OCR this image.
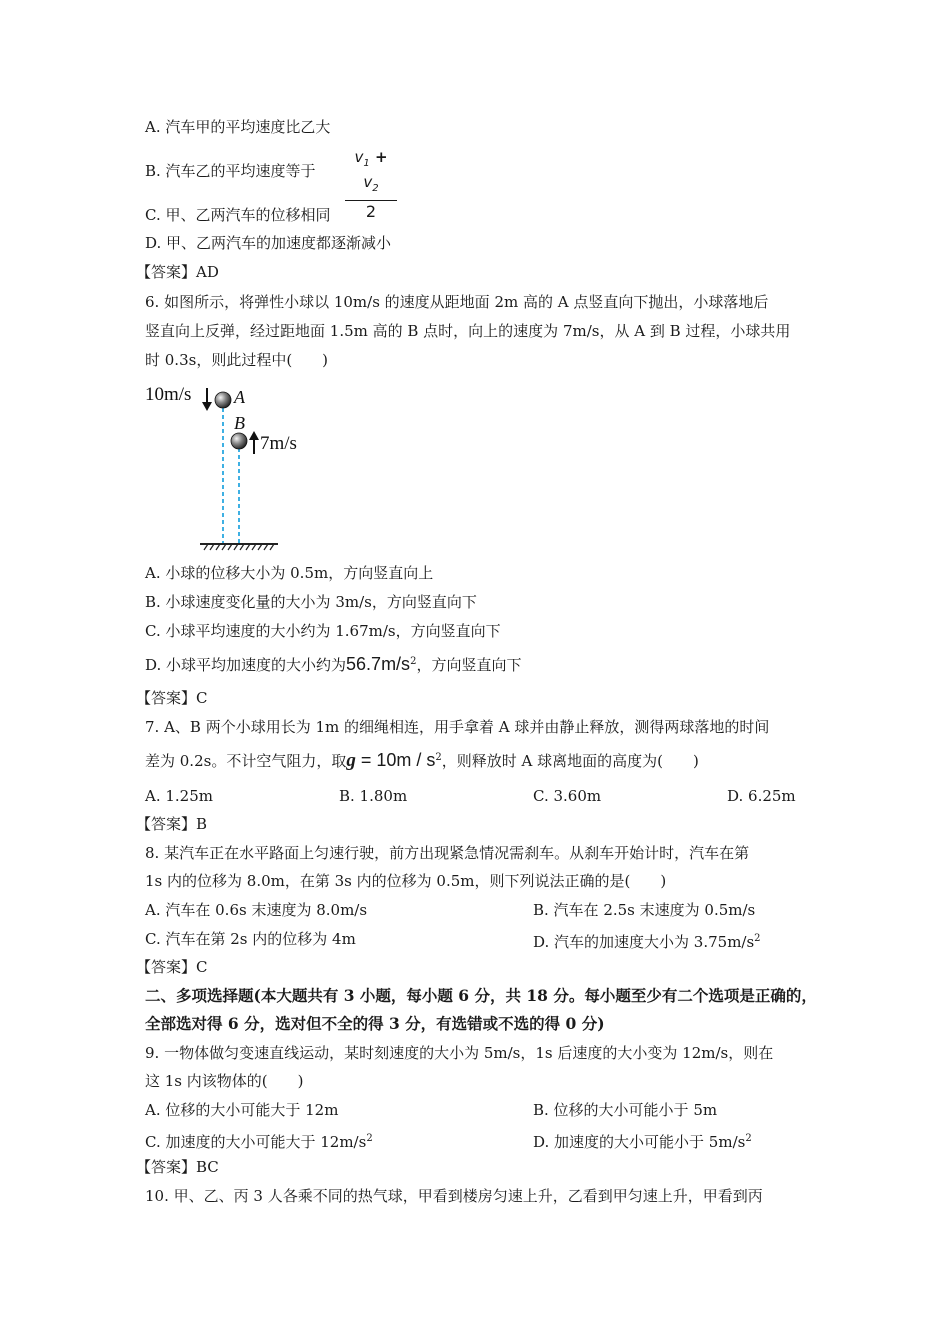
A. 汽车甲的平均速度比乙大
B. 汽车乙的平均速度等于
$v_1 + v_2$
2
C. 甲、乙两汽车的位移相同
D. 甲、乙两汽车的加速度都逐渐减小
【答案】AD
6. 如图所示，将弹性小球以 10m/s 的速度从距地面 2m 高的 A 点竖直向下抛出，小球落地后
竖直向上反弹，经过距地面 1.5m 高的 B 点时，向上的速度为 7m/s，从 A 到 B 过程，小球共用
时 0.3s，则此过程中(　　)
10m/s A
B
7m/s
A. 小球的位移大小为 0.5m，方向竖直向上
B. 小球速度变化量的大小为 3m/s，方向竖直向下
C. 小球平均速度的大小约为 1.67m/s，方向竖直向下
D. 小球平均加速度的大小约为$56.7m/s^2$，方向竖直向下
【答案】C
7. A、B 两个小球用长为 1m 的细绳相连，用手拿着 A 球并由静止释放，测得两球落地的时间
差为 0.2s。不计空气阻力，取$g = 10m / s^2$，则释放时 A 球离地面的高度为(　　)
A. 1.25m	B. 1.80m	C. 3.60m	D. 6.25m
【答案】B
8. 某汽车正在水平路面上匀速行驶，前方出现紧急情况需刹车。从刹车开始计时，汽车在第
1s 内的位移为 8.0m，在第 3s 内的位移为 0.5m，则下列说法正确的是(　　)
A. 汽车在 0.6s 末速度为 8.0m/s	B. 汽车在 2.5s 末速度为 0.5m/s
C. 汽车在第 2s 内的位移为 4m	D. 汽车的加速度大小为 $3.75m/s^2$
【答案】C
二、多项选择题(本大题共有 3 小题，每小题 6 分，共 18 分。每小题至少有二个选项是正确的，
全部选对得 6 分，选对但不全的得 3 分，有选错或不选的得 0 分)
9. 一物体做匀变速直线运动，某时刻速度的大小为 5m/s，1s 后速度的大小变为 12m/s，则在
这 1s 内该物体的(　　)
A. 位移的大小可能大于 12m	B. 位移的大小可能小于 5m
C. 加速度的大小可能大于 $12m/s^2$	D. 加速度的大小可能小于 $5m/s^2$
【答案】BC
10. 甲、乙、丙 3 人各乘不同的热气球，甲看到楼房匀速上升，乙看到甲匀速上升，甲看到丙
